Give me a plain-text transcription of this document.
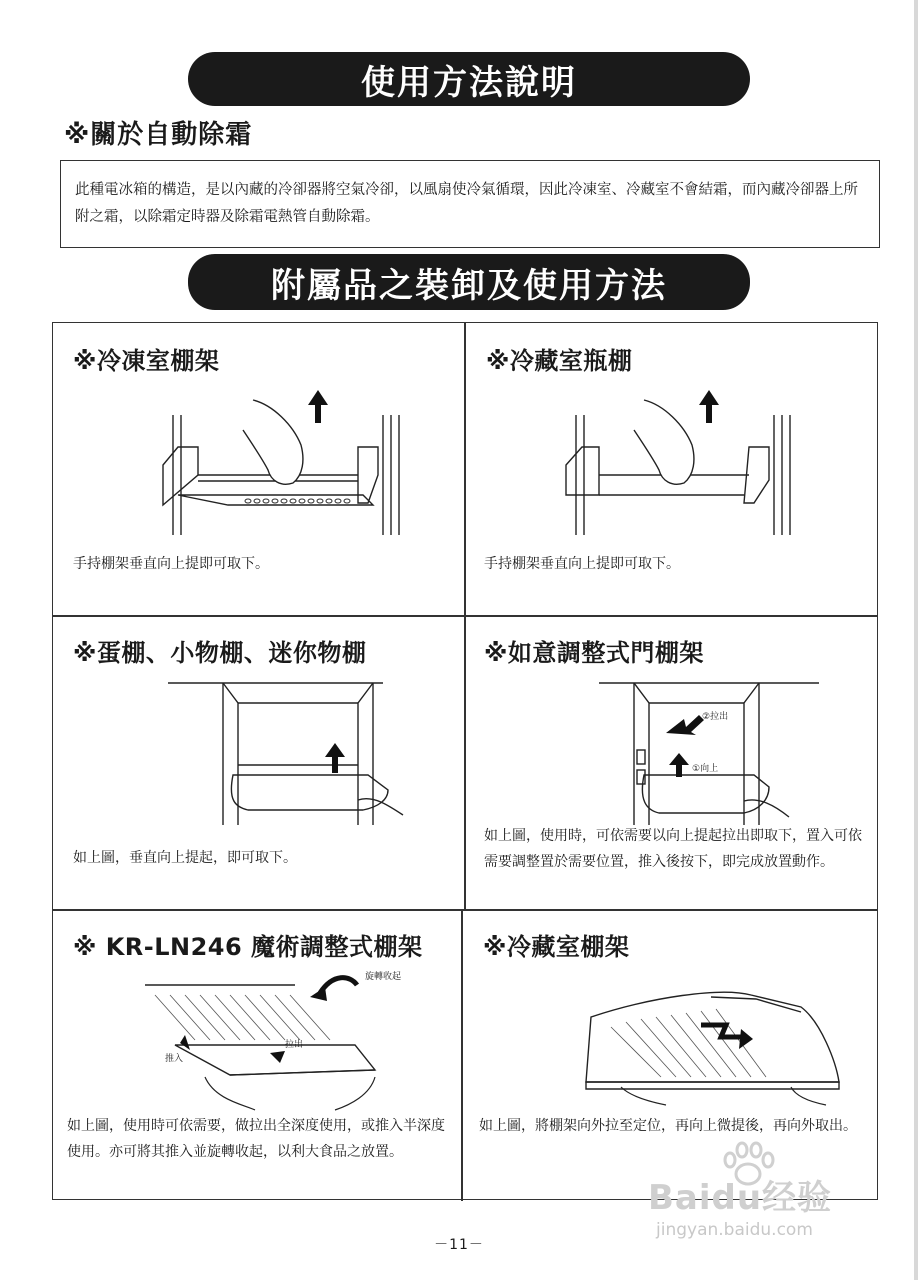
使用方法說明
※關於自動除霜

此種電冰箱的構造，是以內藏的冷卻器將空氣冷卻，以風扇使冷氣循環，因此冷凍室、冷藏室不會結霜，而內藏冷卻器上所附之霜，以除霜定時器及除霜電熱管自動除霜。

附屬品之裝卸及使用方法
※冷凍室棚架
手持棚架垂直向上提即可取下。
※冷藏室瓶棚
手持棚架垂直向上提即可取下。
※蛋棚、小物棚、迷你物棚
如上圖，垂直向上提起，即可取下。
※如意調整式門棚架
②拉出
①向上
如上圖，使用時，可依需要以向上提起拉出即取下，置入可依需要調整置於需要位置，推入後按下，即完成放置動作。
※ KR-LN246 魔術調整式棚架
旋轉收起
推入
拉出
如上圖，使用時可依需要，做拉出全深度使用，或推入半深度使用。亦可將其推入並旋轉收起，以利大食品之放置。
※冷藏室棚架
如上圖，將棚架向外拉至定位，再向上微提後，再向外取出。
－11－
Baidu经验
jingyan.baidu.com
